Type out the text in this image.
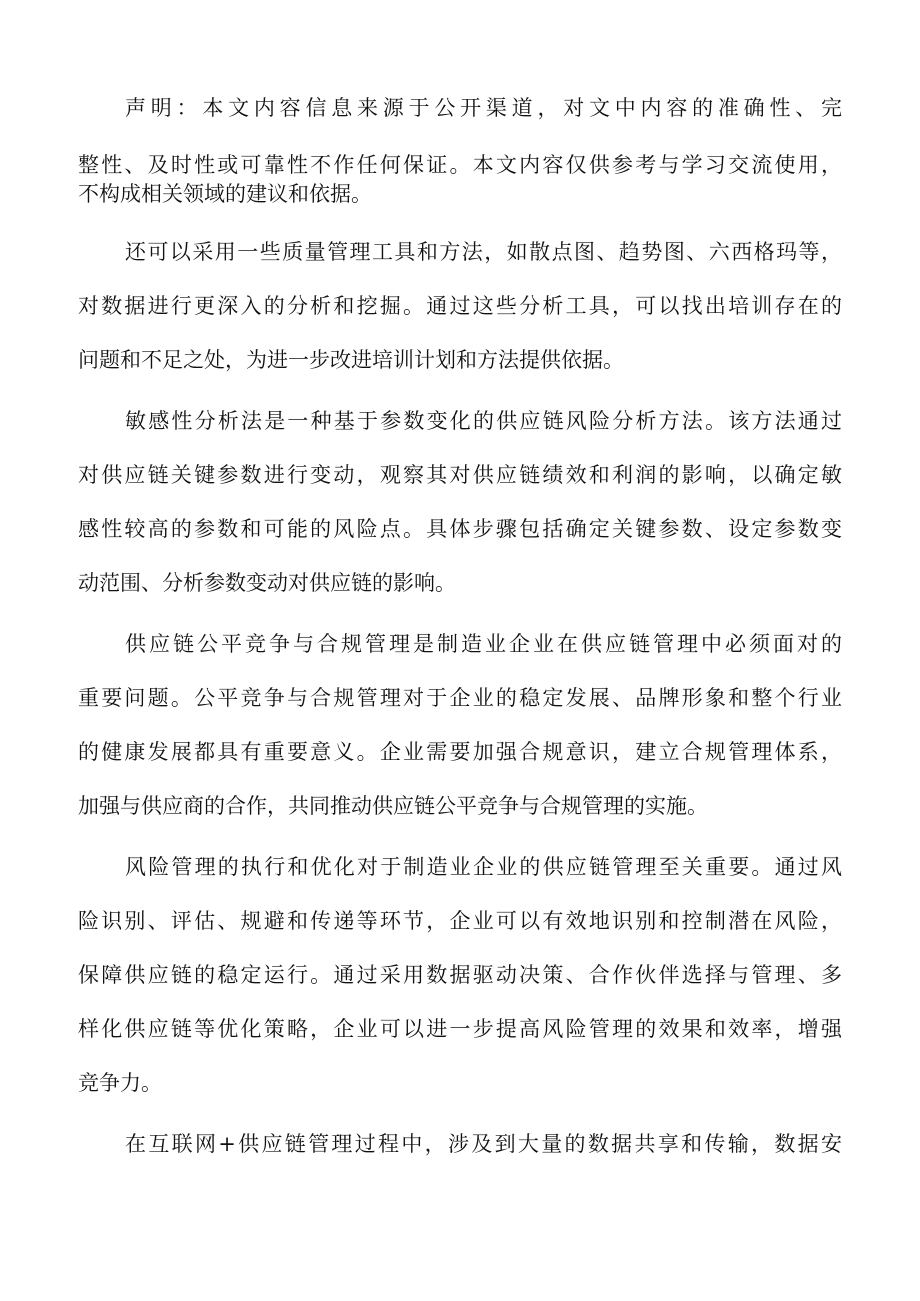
声明：本文内容信息来源于公开渠道，对文中内容的准确性、完
整性、及时性或可靠性不作任何保证。本文内容仅供参考与学习交流使用，
不构成相关领域的建议和依据。
还可以采用一些质量管理工具和方法，如散点图、趋势图、六西格玛等，
对数据进行更深入的分析和挖掘。通过这些分析工具，可以找出培训存在的
问题和不足之处，为进一步改进培训计划和方法提供依据。
敏感性分析法是一种基于参数变化的供应链风险分析方法。该方法通过
对供应链关键参数进行变动，观察其对供应链绩效和利润的影响，以确定敏
感性较高的参数和可能的风险点。具体步骤包括确定关键参数、设定参数变
动范围、分析参数变动对供应链的影响。
供应链公平竞争与合规管理是制造业企业在供应链管理中必须面对的
重要问题。公平竞争与合规管理对于企业的稳定发展、品牌形象和整个行业
的健康发展都具有重要意义。企业需要加强合规意识，建立合规管理体系，
加强与供应商的合作，共同推动供应链公平竞争与合规管理的实施。
风险管理的执行和优化对于制造业企业的供应链管理至关重要。通过风
险识别、评估、规避和传递等环节，企业可以有效地识别和控制潜在风险，
保障供应链的稳定运行。通过采用数据驱动决策、合作伙伴选择与管理、多
样化供应链等优化策略，企业可以进一步提高风险管理的效果和效率，增强
竞争力。
在互联网+供应链管理过程中，涉及到大量的数据共享和传输，数据安
